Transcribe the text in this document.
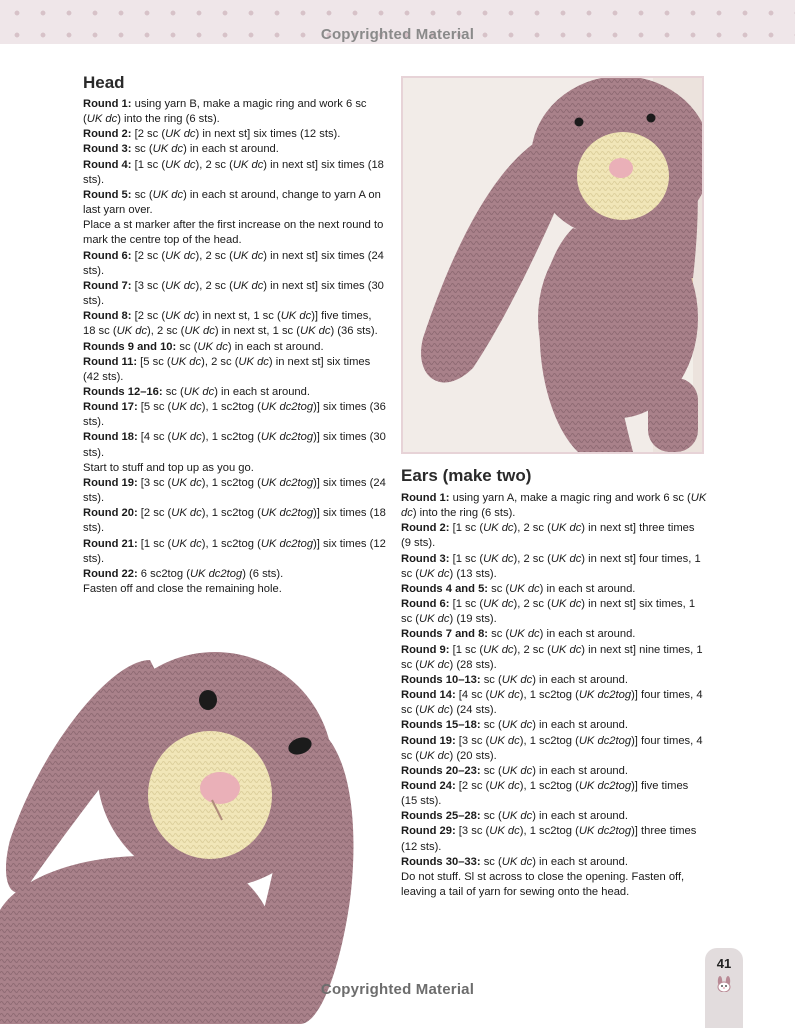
Copyrighted Material
Head

Round 1: using yarn B, make a magic ring and work 6 sc (UK dc) into the ring (6 sts).

Round 2: [2 sc (UK dc) in next st] six times (12 sts).

Round 3: sc (UK dc) in each st around.

Round 4: [1 sc (UK dc), 2 sc (UK dc) in next st] six times (18 sts).

Round 5: sc (UK dc) in each st around, change to yarn A on last yarn over.

Place a st marker after the first increase on the next round to mark the centre top of the head.

Round 6: [2 sc (UK dc), 2 sc (UK dc) in next st] six times (24 sts).

Round 7: [3 sc (UK dc), 2 sc (UK dc) in next st] six times (30 sts).

Round 8: [2 sc (UK dc) in next st, 1 sc (UK dc)] five times, 18 sc (UK dc), 2 sc (UK dc) in next st, 1 sc (UK dc) (36 sts).

Rounds 9 and 10: sc (UK dc) in each st around.

Round 11: [5 sc (UK dc), 2 sc (UK dc) in next st] six times (42 sts).

Rounds 12–16: sc (UK dc) in each st around.

Round 17: [5 sc (UK dc), 1 sc2tog (UK dc2tog)] six times (36 sts).

Round 18: [4 sc (UK dc), 1 sc2tog (UK dc2tog)] six times (30 sts).

Start to stuff and top up as you go.

Round 19: [3 sc (UK dc), 1 sc2tog (UK dc2tog)] six times (24 sts).

Round 20: [2 sc (UK dc), 1 sc2tog (UK dc2tog)] six times (18 sts).

Round 21: [1 sc (UK dc), 1 sc2tog (UK dc2tog)] six times (12 sts).

Round 22: 6 sc2tog (UK dc2tog) (6 sts).

Fasten off and close the remaining hole.

Ears (make two)

Round 1: using yarn A, make a magic ring and work 6 sc (UK dc) into the ring (6 sts).

Round 2: [1 sc (UK dc), 2 sc (UK dc) in next st] three times (9 sts).

Round 3: [1 sc (UK dc), 2 sc (UK dc) in next st] four times, 1 sc (UK dc) (13 sts).

Rounds 4 and 5: sc (UK dc) in each st around.

Round 6: [1 sc (UK dc), 2 sc (UK dc) in next st] six times, 1 sc (UK dc) (19 sts).

Rounds 7 and 8: sc (UK dc) in each st around.

Round 9: [1 sc (UK dc), 2 sc (UK dc) in next st] nine times, 1 sc (UK dc) (28 sts).

Rounds 10–13: sc (UK dc) in each st around.

Round 14: [4 sc (UK dc), 1 sc2tog (UK dc2tog)] four times, 4 sc (UK dc) (24 sts).

Rounds 15–18: sc (UK dc) in each st around.

Round 19: [3 sc (UK dc), 1 sc2tog (UK dc2tog)] four times, 4 sc (UK dc) (20 sts).

Rounds 20–23: sc (UK dc) in each st around.

Round 24: [2 sc (UK dc), 1 sc2tog (UK dc2tog)] five times (15 sts).

Rounds 25–28: sc (UK dc) in each st around.

Round 29: [3 sc (UK dc), 1 sc2tog (UK dc2tog)] three times (12 sts).

Rounds 30–33: sc (UK dc) in each st around.

Do not stuff. Sl st across to close the opening. Fasten off, leaving a tail of yarn for sewing onto the head.

41
Copyrighted Material
